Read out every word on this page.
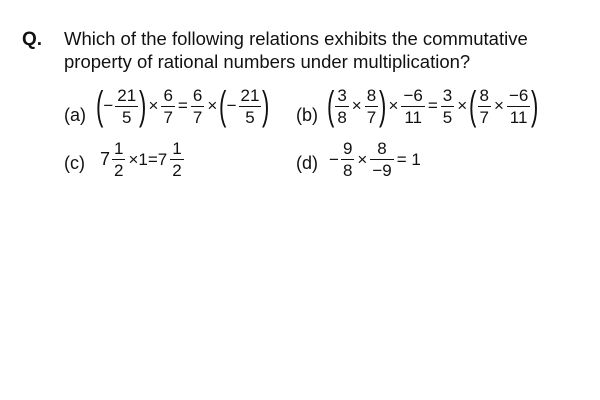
Q. Which of the following relations exhibits the commutative
property of rational numbers under multiplication?
(a) ( − $\frac{21}{5}$ ) × $\frac{6}{7} = \frac{6}{7}$ × ( − $\frac{21}{5}$ ) (b) ( $\frac{3}{8} \times \frac{8}{7}$ ) × $\frac{-6}{11} = \frac{3}{5}$ × ( $\frac{8}{7} \times \frac{-6}{11}$ )
(c) $7 \frac{1}{2} \times 1=7 \frac{1}{2}$	$(d) - \frac{9}{8} \times \frac{8}{-9} = 1$
